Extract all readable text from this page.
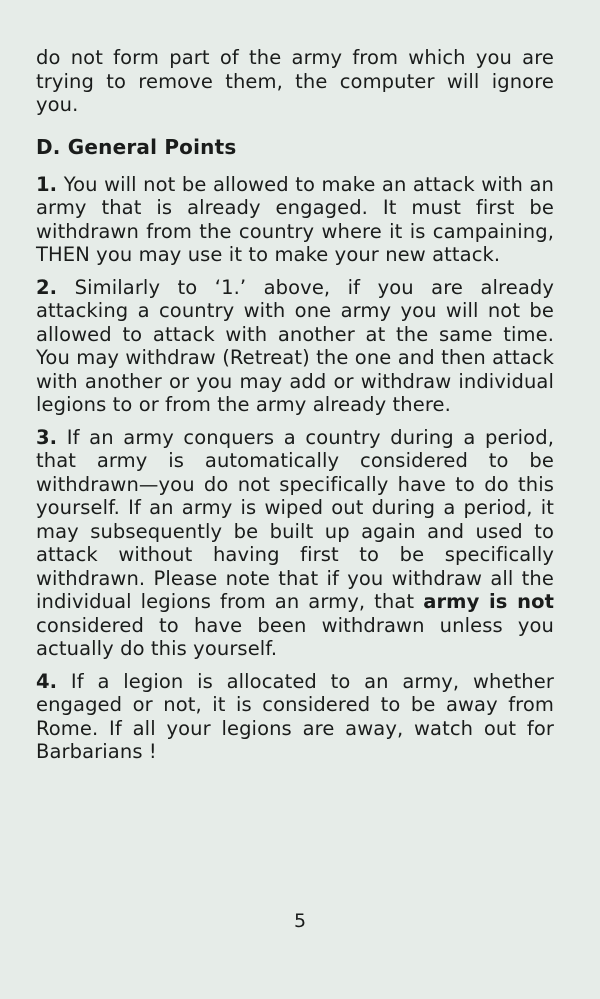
do not form part of the army from which you are trying to remove them, the computer will ignore you.

D. General Points

1. You will not be allowed to make an attack with an army that is already engaged. It must first be withdrawn from the country where it is campaining, THEN you may use it to make your new attack.

2. Similarly to ‘1.’ above, if you are already attacking a country with one army you will not be allowed to attack with another at the same time. You may withdraw (Retreat) the one and then attack with another or you may add or withdraw individual legions to or from the army already there.

3. If an army conquers a country during a period, that army is automatically considered to be withdrawn—you do not specifically have to do this yourself. If an army is wiped out during a period, it may subsequently be built up again and used to attack without having first to be specifically withdrawn. Please note that if you withdraw all the individual legions from an army, that army is not considered to have been withdrawn unless you actually do this yourself.

4. If a legion is allocated to an army, whether engaged or not, it is considered to be away from Rome. If all your legions are away, watch out for Barbarians !

5
